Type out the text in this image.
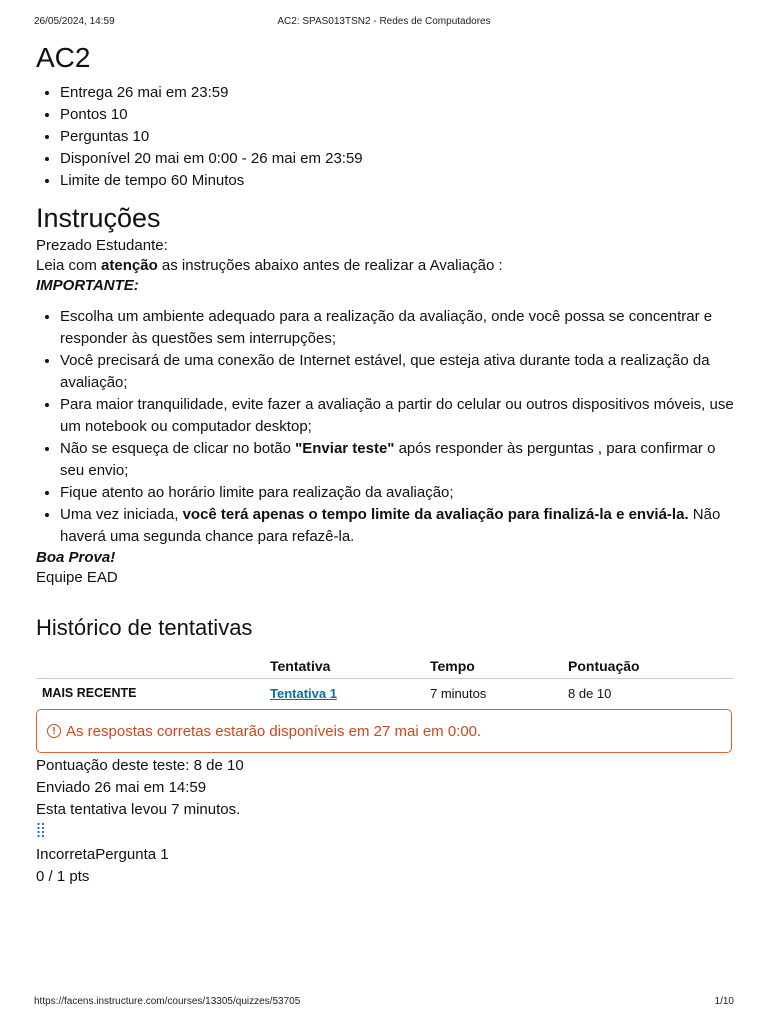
26/05/2024, 14:59	AC2: SPAS013TSN2 - Redes de Computadores
AC2
• Entrega 26 mai em 23:59
• Pontos 10
• Perguntas 10
• Disponível 20 mai em 0:00 - 26 mai em 23:59
• Limite de tempo 60 Minutos
Instruções

Prezado Estudante:

Leia com atenção as instruções abaixo antes de realizar a Avaliação :

IMPORTANTE:

• Escolha um ambiente adequado para a realização da avaliação, onde você possa se concentrar e responder às questões sem interrupções;
• Você precisará de uma conexão de Internet estável, que esteja ativa durante toda a realização da avaliação;
• Para maior tranquilidade, evite fazer a avaliação a partir do celular ou outros dispositivos móveis, use um notebook ou computador desktop;
• Não se esqueça de clicar no botão "Enviar teste" após responder às perguntas , para confirmar o seu envio;
• Fique atento ao horário limite para realização da avaliação;
• Uma vez iniciada, você terá apenas o tempo limite da avaliação para finalizá-la e enviá-la. Não haverá uma segunda chance para refazê-la.

Boa Prova!

Equipe EAD

Histórico de tentativas
	Tentativa	Tempo	Pontuação
MAIS RECENTE	Tentativa 1	7 minutos	8 de 10
! As respostas corretas estarão disponíveis em 27 mai em 0:00.
Pontuação deste teste: 8 de 10
Enviado 26 mai em 14:59
Esta tentativa levou 7 minutos.
IncorretaPergunta 1
0 / 1 pts
https://facens.instructure.com/courses/13305/quizzes/53705	1/10
